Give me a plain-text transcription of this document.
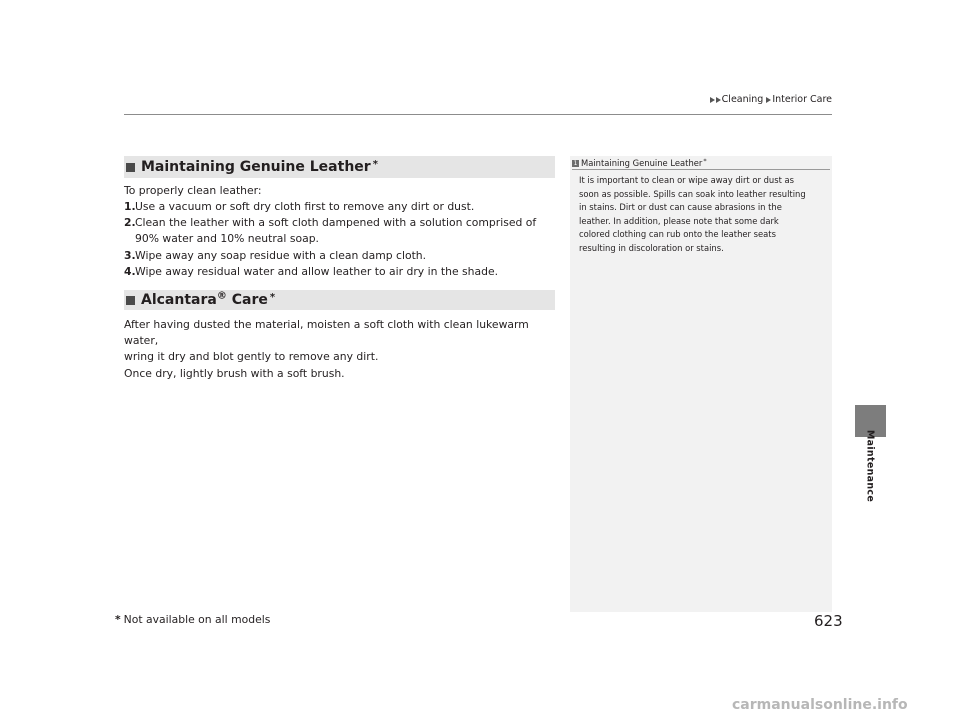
Cleaning Interior Care
Maintenance
Maintaining Genuine Leather*
To properly clean leather:
1. Use a vacuum or soft dry cloth first to remove any dirt or dust.
2. Clean the leather with a soft cloth dampened with a solution comprised of 90% water and 10% neutral soap.
3. Wipe away any soap residue with a clean damp cloth.
4. Wipe away residual water and allow leather to air dry in the shade.
Alcantara® Care*
After having dusted the material, moisten a soft cloth with clean lukewarm water,
wring it dry and blot gently to remove any dirt.
Once dry, lightly brush with a soft brush.
1 Maintaining Genuine Leather*
It is important to clean or wipe away dirt or dust as
soon as possible. Spills can soak into leather resulting
in stains. Dirt or dust can cause abrasions in the
leather. In addition, please note that some dark
colored clothing can rub onto the leather seats
resulting in discoloration or stains.
* Not available on all models	623
carmanualsonline.info
